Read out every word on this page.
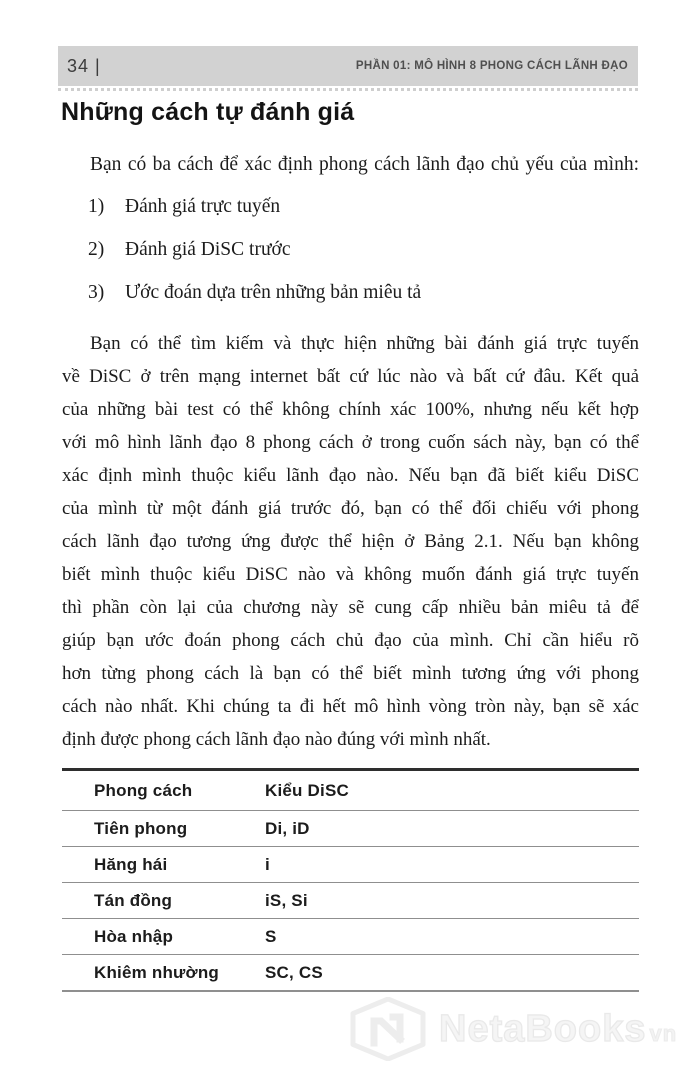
34 |	PHẦN 01: MÔ HÌNH 8 PHONG CÁCH LÃNH ĐẠO
Những cách tự đánh giá
Bạn có ba cách để xác định phong cách lãnh đạo chủ yếu của mình:
1)	Đánh giá trực tuyến
2)	Đánh giá DiSC trước
3)	Ước đoán dựa trên những bản miêu tả
Bạn có thể tìm kiếm và thực hiện những bài đánh giá trực tuyến
về DiSC ở trên mạng internet bất cứ lúc nào và bất cứ đâu. Kết quả
của những bài test có thể không chính xác 100%, nhưng nếu kết hợp
với mô hình lãnh đạo 8 phong cách ở trong cuốn sách này, bạn có thể
xác định mình thuộc kiểu lãnh đạo nào. Nếu bạn đã biết kiểu DiSC
của mình từ một đánh giá trước đó, bạn có thể đối chiếu với phong
cách lãnh đạo tương ứng được thể hiện ở Bảng 2.1. Nếu bạn không
biết mình thuộc kiểu DiSC nào và không muốn đánh giá trực tuyến
thì phần còn lại của chương này sẽ cung cấp nhiều bản miêu tả để
giúp bạn ước đoán phong cách chủ đạo của mình. Chỉ cần hiểu rõ
hơn từng phong cách là bạn có thể biết mình tương ứng với phong
cách nào nhất. Khi chúng ta đi hết mô hình vòng tròn này, bạn sẽ xác
định được phong cách lãnh đạo nào đúng với mình nhất.
Phong cách	Kiểu DiSC
Tiên phong	Di, iD
Hăng hái	i
Tán đồng	iS, Si
Hòa nhập	S
Khiêm nhường	SC, CS
NetaBooks vn
